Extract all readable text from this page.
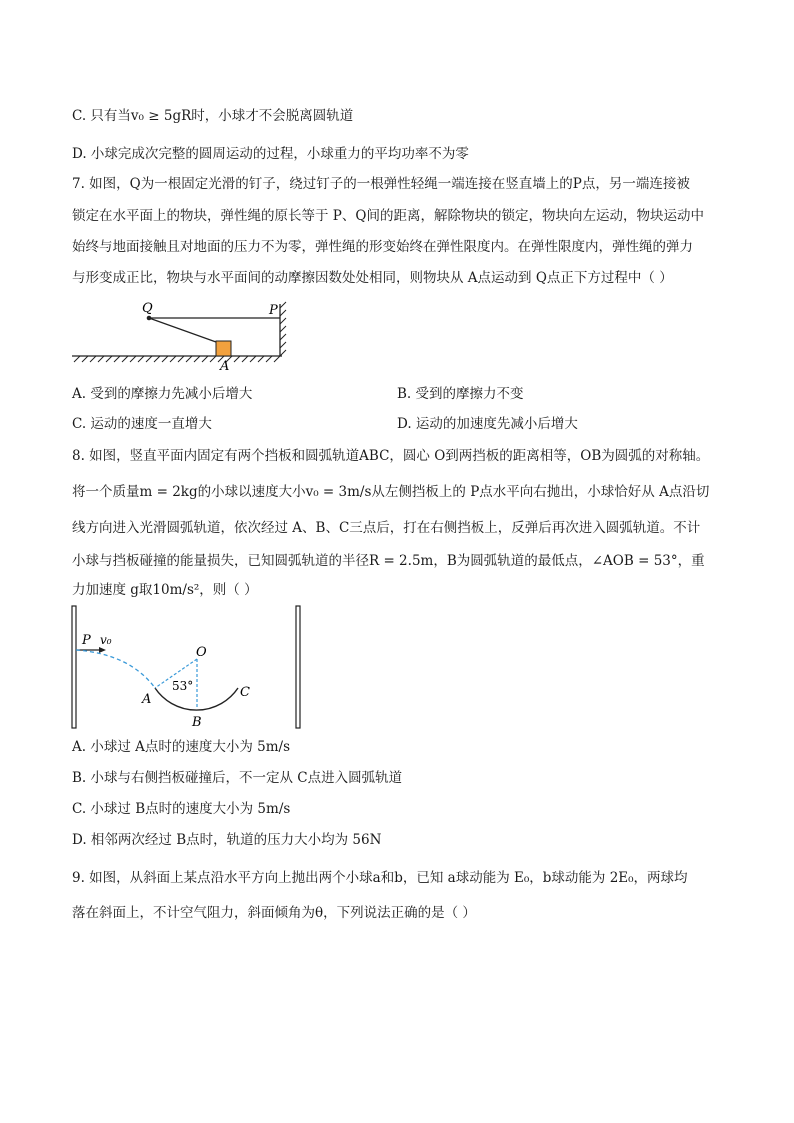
C. 只有当v₀ ≥ 5gR时，小球才不会脱离圆轨道
D. 小球完成次完整的圆周运动的过程，小球重力的平均功率不为零
7. 如图，Q为一根固定光滑的钉子，绕过钉子的一根弹性轻绳一端连接在竖直墙上的P点，另一端连接被
锁定在水平面上的物块，弹性绳的原长等于 P、Q间的距离，解除物块的锁定，物块向左运动，物块运动中
始终与地面接触且对地面的压力不为零，弹性绳的形变始终在弹性限度内。在弹性限度内，弹性绳的弹力
与形变成正比，物块与水平面间的动摩擦因数处处相同，则物块从 A点运动到 Q点正下方过程中（ ）
Q	P
A
A. 受到的摩擦力先减小后增大	B. 受到的摩擦力不变
C. 运动的速度一直增大	D. 运动的加速度先减小后增大
8. 如图，竖直平面内固定有两个挡板和圆弧轨道ABC，圆心 O到两挡板的距离相等，OB为圆弧的对称轴。
将一个质量m = 2kg的小球以速度大小v₀ = 3m/s从左侧挡板上的 P点水平向右抛出，小球恰好从 A点沿切
线方向进入光滑圆弧轨道，依次经过 A、B、C三点后，打在右侧挡板上，反弹后再次进入圆弧轨道。不计
小球与挡板碰撞的能量损失，已知圆弧轨道的半径R = 2.5m，B为圆弧轨道的最低点，∠AOB = 53°，重
力加速度 g取10m/s²，则（ ）
P v₀
O
53°
A
B
C
A. 小球过 A点时的速度大小为 5m/s
B. 小球与右侧挡板碰撞后，不一定从 C点进入圆弧轨道
C. 小球过 B点时的速度大小为 5m/s
D. 相邻两次经过 B点时，轨道的压力大小均为 56N
9. 如图，从斜面上某点沿水平方向上抛出两个小球a和b，已知 a球动能为 E₀，b球动能为 2E₀，两球均
落在斜面上，不计空气阻力，斜面倾角为θ，下列说法正确的是（ ）
